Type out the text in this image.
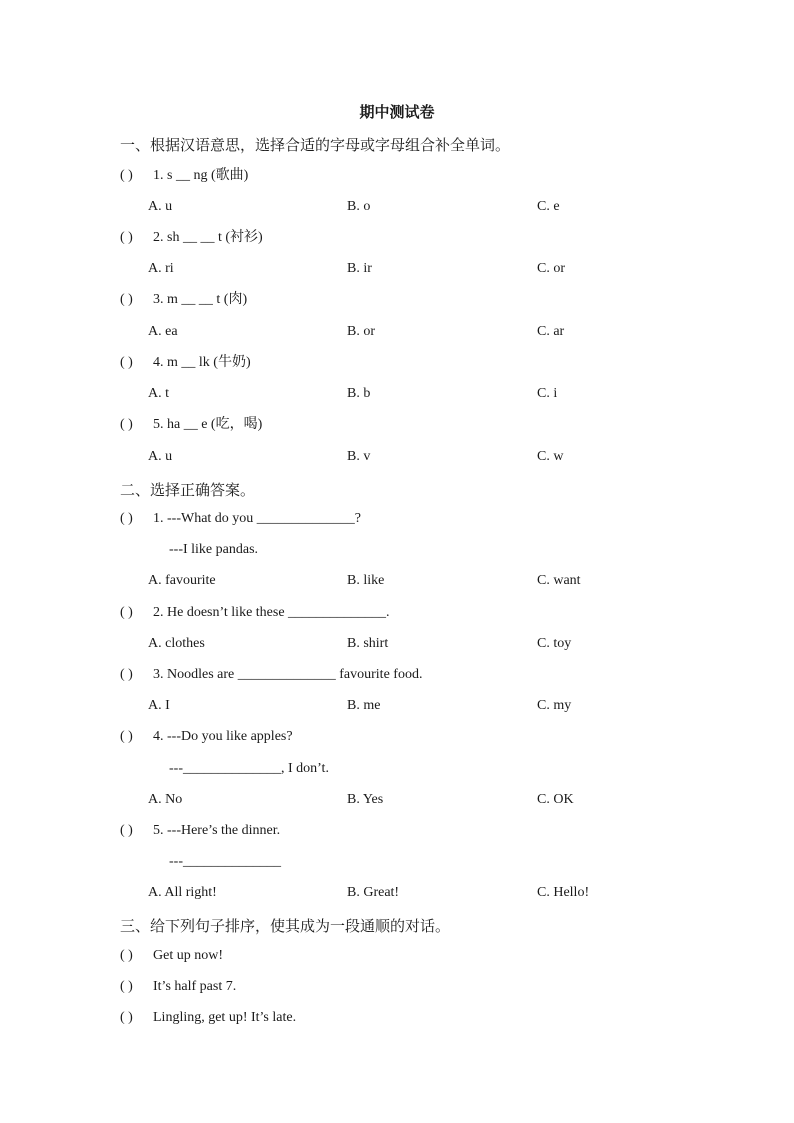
期中测试卷
一、根据汉语意思，选择合适的字母或字母组合补全单词。
( ) 1. s __ ng (歌曲)
A. u	B. o	C. e
( ) 2. sh __ __ t (衬衫)
A. ri	B. ir	C. or
( ) 3. m __ __ t (肉)
A. ea	B. or	C. ar
( ) 4. m __ lk (牛奶)
A. t	B. b	C. i
( ) 5. ha __ e (吃，喝)
A. u	B. v	C. w
二、选择正确答案。
( ) 1. ---What do you ______________?
---I like pandas.
A. favourite	B. like	C. want
( ) 2. He doesn’t like these ______________.
A. clothes	B. shirt	C. toy
( ) 3. Noodles are ______________ favourite food.
A. I	B. me	C. my
( ) 4. ---Do you like apples?
---______________, I don’t.
A. No	B. Yes	C. OK
( ) 5. ---Here’s the dinner.
---______________
A. All right!	B. Great!	C. Hello!
三、给下列句子排序，使其成为一段通顺的对话。
( ) Get up now!
( ) It’s half past 7.
( ) Lingling, get up! It’s late.
